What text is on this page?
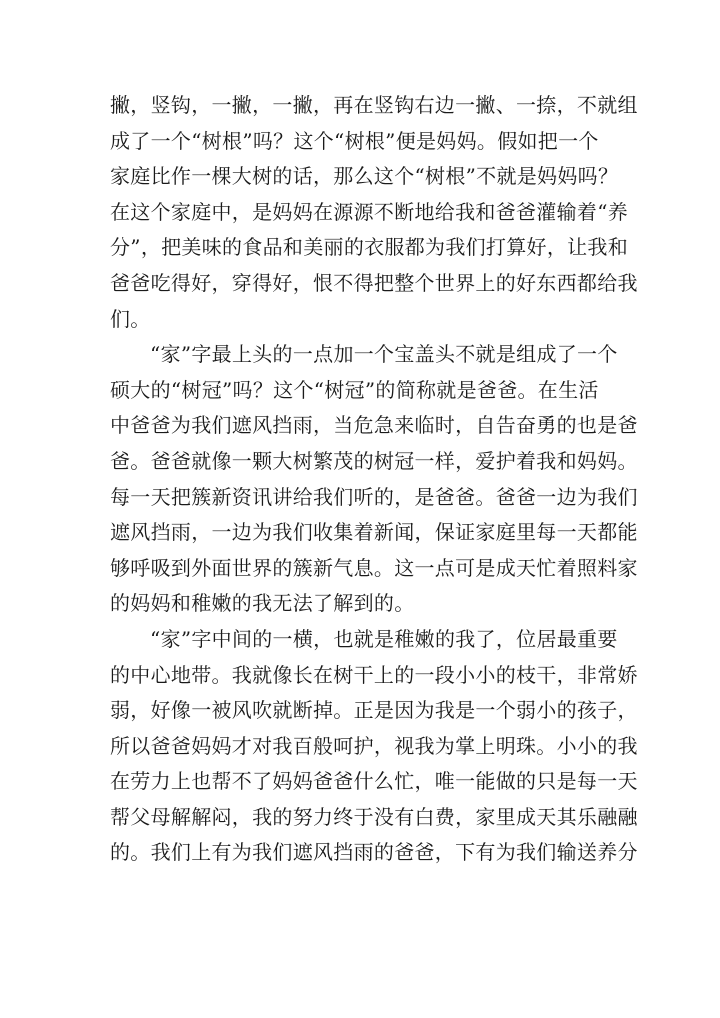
撇，竖钩，一撇，一撇，再在竖钩右边一撇、一捺，不就组
成了一个“树根”吗？这个“树根”便是妈妈。假如把一个
家庭比作一棵大树的话，那么这个“树根”不就是妈妈吗？
在这个家庭中，是妈妈在源源不断地给我和爸爸灌输着“养
分”，把美味的食品和美丽的衣服都为我们打算好，让我和
爸爸吃得好，穿得好，恨不得把整个世界上的好东西都给我
们。

“家”字最上头的一点加一个宝盖头不就是组成了一个
硕大的“树冠”吗？这个“树冠”的简称就是爸爸。在生活
中爸爸为我们遮风挡雨，当危急来临时，自告奋勇的也是爸
爸。爸爸就像一颗大树繁茂的树冠一样，爱护着我和妈妈。
每一天把簇新资讯讲给我们听的，是爸爸。爸爸一边为我们
遮风挡雨，一边为我们收集着新闻，保证家庭里每一天都能
够呼吸到外面世界的簇新气息。这一点可是成天忙着照料家
的妈妈和稚嫩的我无法了解到的。

“家”字中间的一横，也就是稚嫩的我了，位居最重要
的中心地带。我就像长在树干上的一段小小的枝干，非常娇
弱，好像一被风吹就断掉。正是因为我是一个弱小的孩子，
所以爸爸妈妈才对我百般呵护，视我为掌上明珠。小小的我
在劳力上也帮不了妈妈爸爸什么忙，唯一能做的只是每一天
帮父母解解闷，我的努力终于没有白费，家里成天其乐融融
的。我们上有为我们遮风挡雨的爸爸，下有为我们输送养分
